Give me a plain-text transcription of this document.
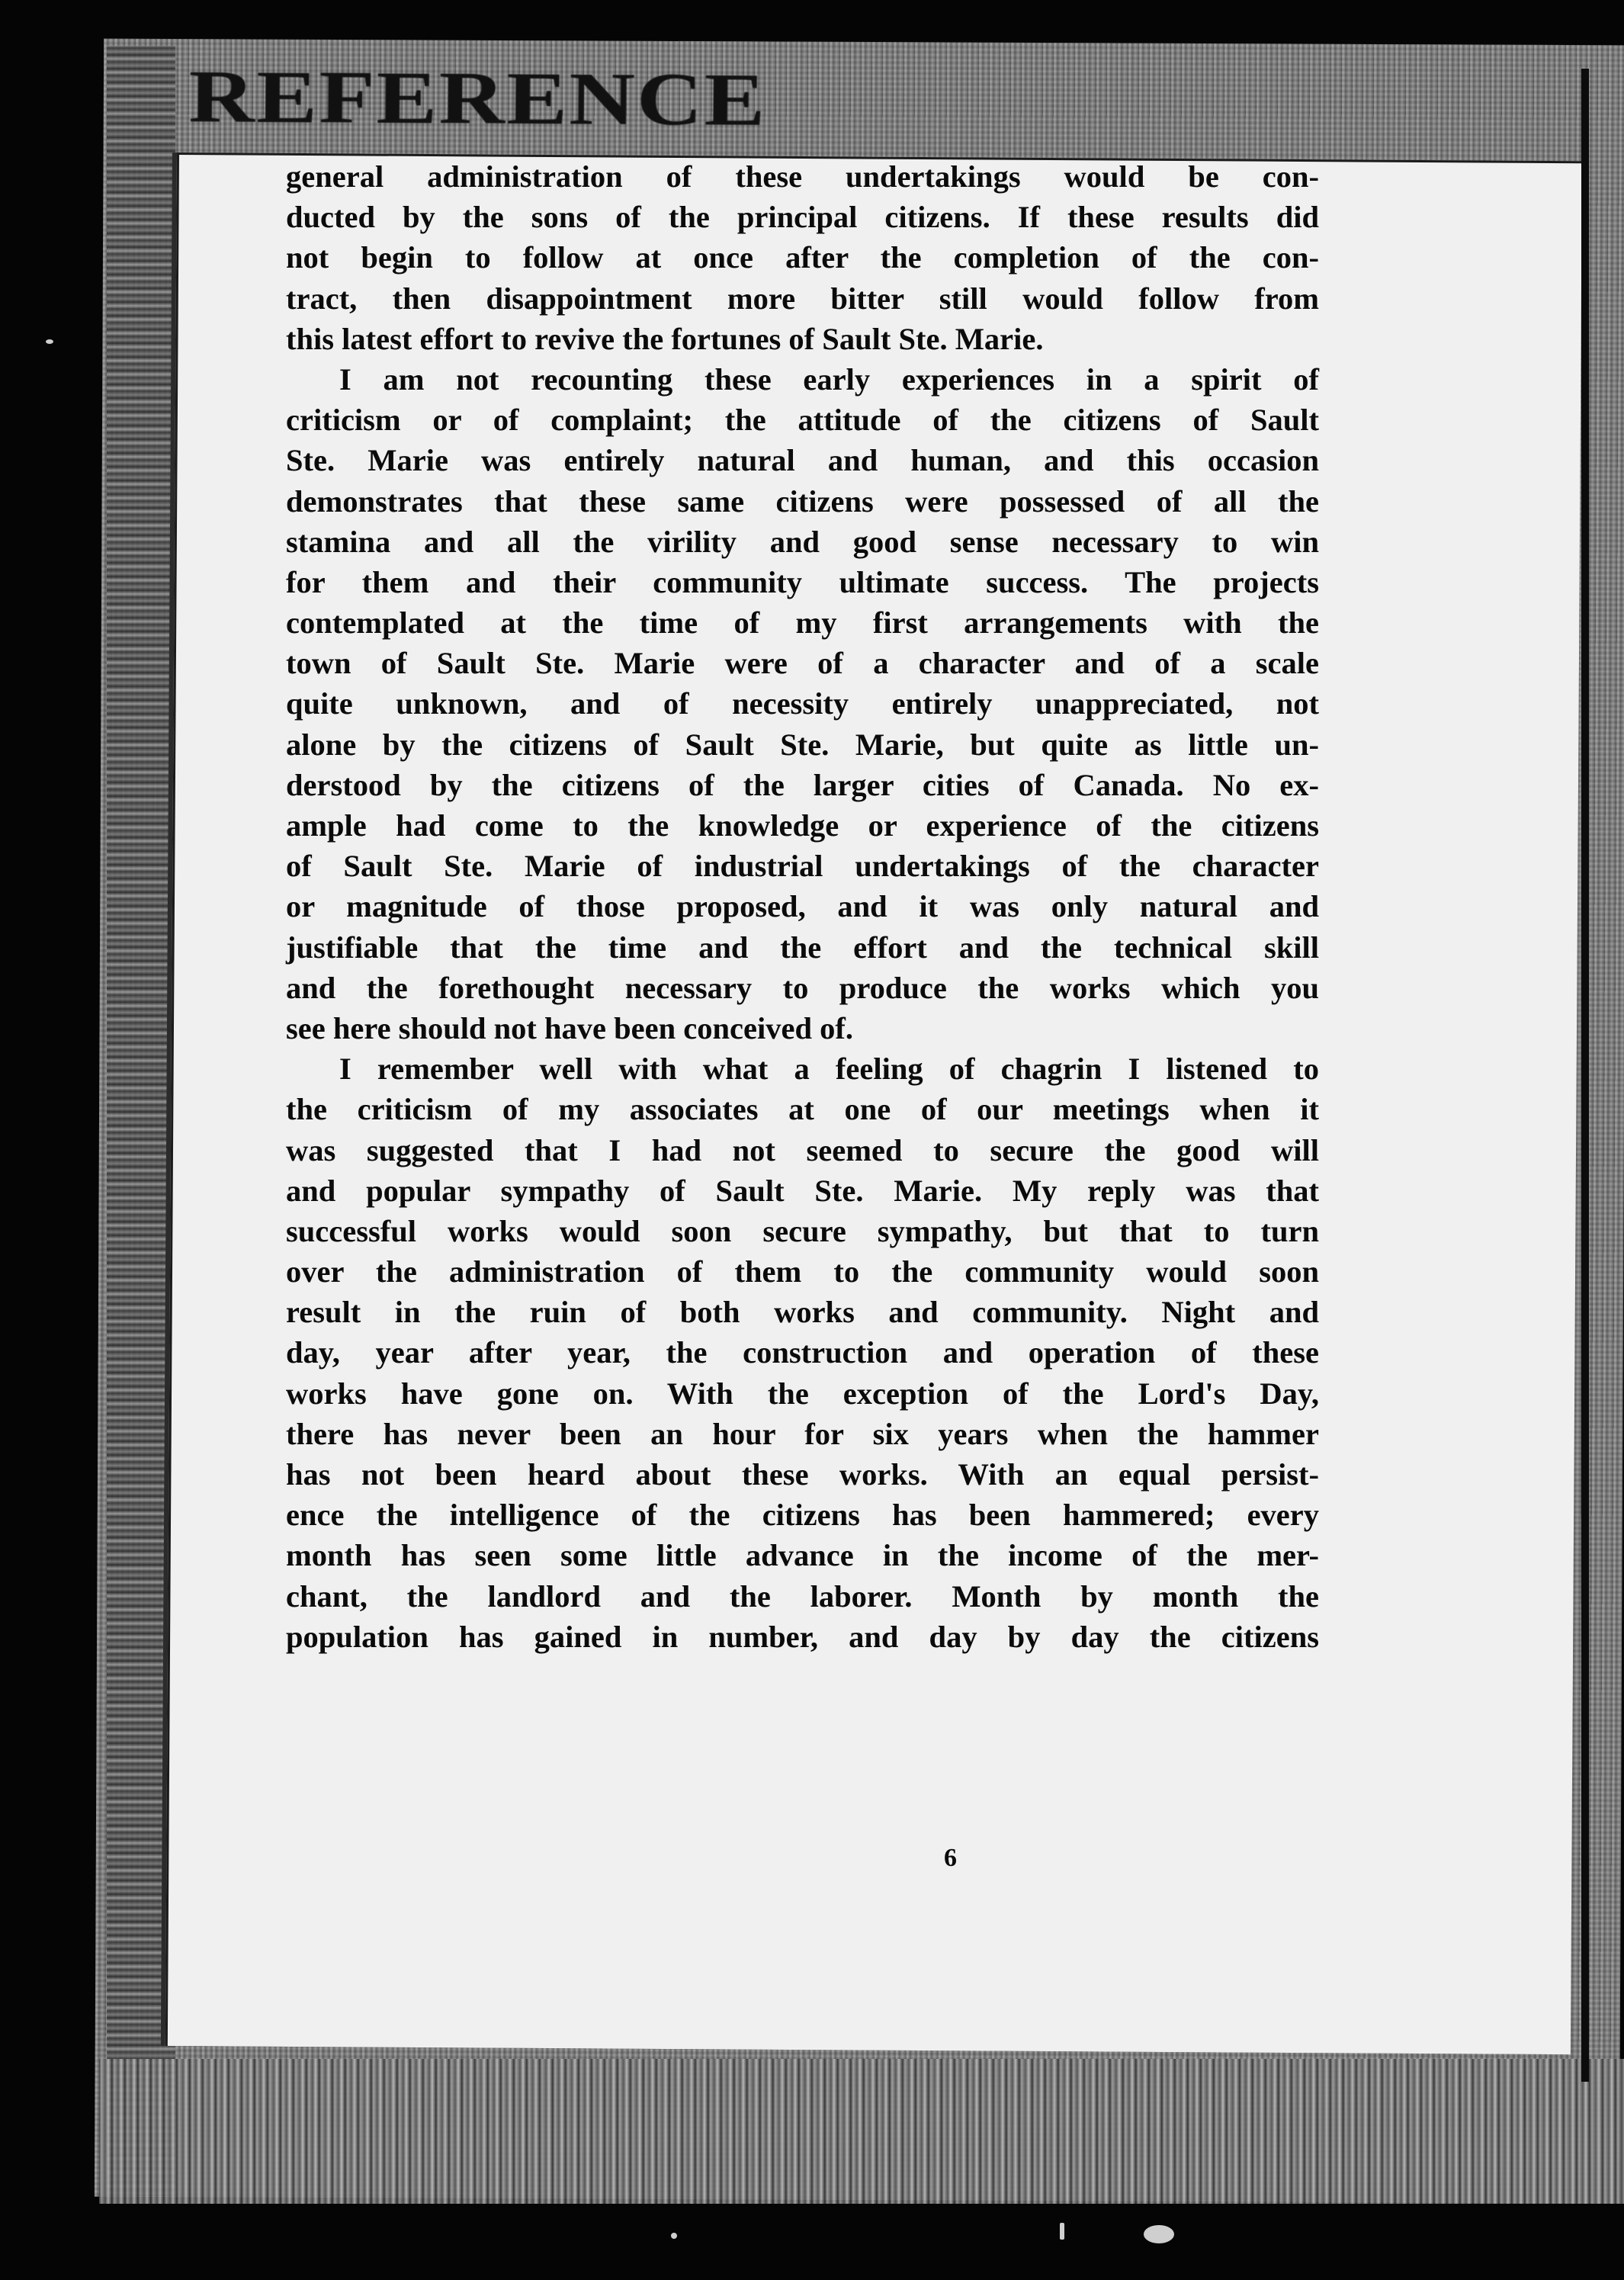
REFERENCE
general administration of these undertakings would be con-
ducted by the sons of the principal citizens. If these results did
not begin to follow at once after the completion of the con-
tract, then disappointment more bitter still would follow from
this latest effort to revive the fortunes of Sault Ste. Marie.
I am not recounting these early experiences in a spirit of
criticism or of complaint; the attitude of the citizens of Sault
Ste. Marie was entirely natural and human, and this occasion
demonstrates that these same citizens were possessed of all the
stamina and all the virility and good sense necessary to win
for them and their community ultimate success. The projects
contemplated at the time of my first arrangements with the
town of Sault Ste. Marie were of a character and of a scale
quite unknown, and of necessity entirely unappreciated, not
alone by the citizens of Sault Ste. Marie, but quite as little un-
derstood by the citizens of the larger cities of Canada. No ex-
ample had come to the knowledge or experience of the citizens
of Sault Ste. Marie of industrial undertakings of the character
or magnitude of those proposed, and it was only natural and
justifiable that the time and the effort and the technical skill
and the forethought necessary to produce the works which you
see here should not have been conceived of.
I remember well with what a feeling of chagrin I listened to
the criticism of my associates at one of our meetings when it
was suggested that I had not seemed to secure the good will
and popular sympathy of Sault Ste. Marie. My reply was that
successful works would soon secure sympathy, but that to turn
over the administration of them to the community would soon
result in the ruin of both works and community. Night and
day, year after year, the construction and operation of these
works have gone on. With the exception of the Lord's Day,
there has never been an hour for six years when the hammer
has not been heard about these works. With an equal persist-
ence the intelligence of the citizens has been hammered; every
month has seen some little advance in the income of the mer-
chant, the landlord and the laborer. Month by month the
population has gained in number, and day by day the citizens
6
